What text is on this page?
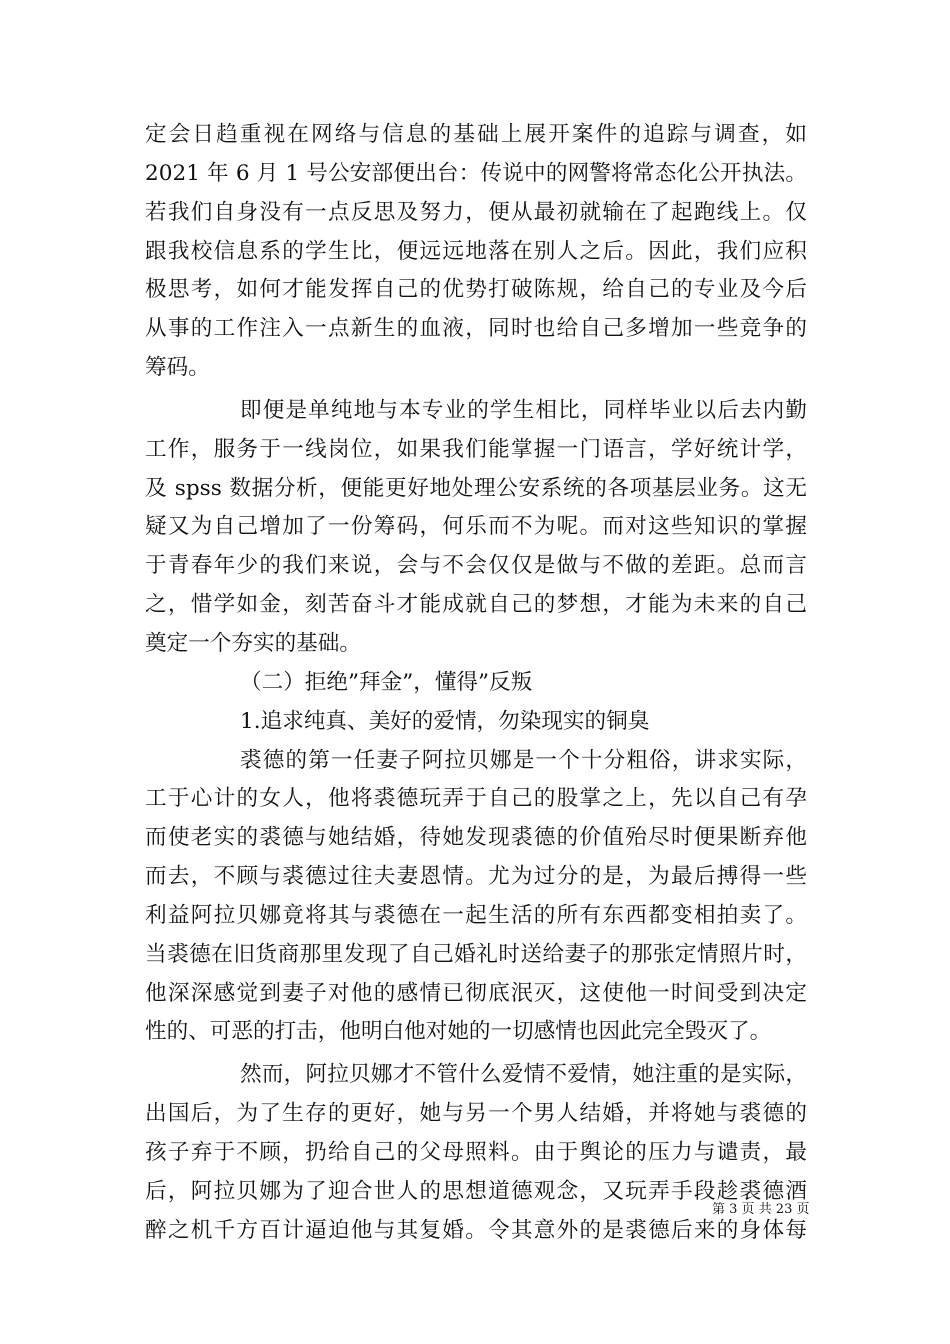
定会日趋重视在网络与信息的基础上展开案件的追踪与调查，如
2021 年 6 月 1 号公安部便出台：传说中的网警将常态化公开执法。
若我们自身没有一点反思及努力，便从最初就输在了起跑线上。仅
跟我校信息系的学生比，便远远地落在别人之后。因此，我们应积
极思考，如何才能发挥自己的优势打破陈规，给自己的专业及今后
从事的工作注入一点新生的血液，同时也给自己多增加一些竞争的
筹码。
即便是单纯地与本专业的学生相比，同样毕业以后去内勤
工作，服务于一线岗位，如果我们能掌握一门语言，学好统计学，
及 spss 数据分析，便能更好地处理公安系统的各项基层业务。这无
疑又为自己增加了一份筹码，何乐而不为呢。而对这些知识的掌握
于青春年少的我们来说，会与不会仅仅是做与不做的差距。总而言
之，惜学如金，刻苦奋斗才能成就自己的梦想，才能为未来的自己
奠定一个夯实的基础。
（二）拒绝”拜金”，懂得”反叛
1.追求纯真、美好的爱情，勿染现实的铜臭
裘德的第一任妻子阿拉贝娜是一个十分粗俗，讲求实际，
工于心计的女人，他将裘德玩弄于自己的股掌之上，先以自己有孕
而使老实的裘德与她结婚，待她发现裘德的价值殆尽时便果断弃他
而去，不顾与裘德过往夫妻恩情。尤为过分的是，为最后搏得一些
利益阿拉贝娜竟将其与裘德在一起生活的所有东西都变相拍卖了。
当裘德在旧货商那里发现了自己婚礼时送给妻子的那张定情照片时，
他深深感觉到妻子对他的感情已彻底泯灭，这使他一时间受到决定
性的、可恶的打击，他明白他对她的一切感情也因此完全毁灭了。
然而，阿拉贝娜才不管什么爱情不爱情，她注重的是实际，
出国后，为了生存的更好，她与另一个男人结婚，并将她与裘德的
孩子弃于不顾，扔给自己的父母照料。由于舆论的压力与谴责，最
后，阿拉贝娜为了迎合世人的思想道德观念，又玩弄手段趁裘德酒
醉之机千方百计逼迫他与其复婚。令其意外的是裘德后来的身体每
第 3 页 共 23 页
